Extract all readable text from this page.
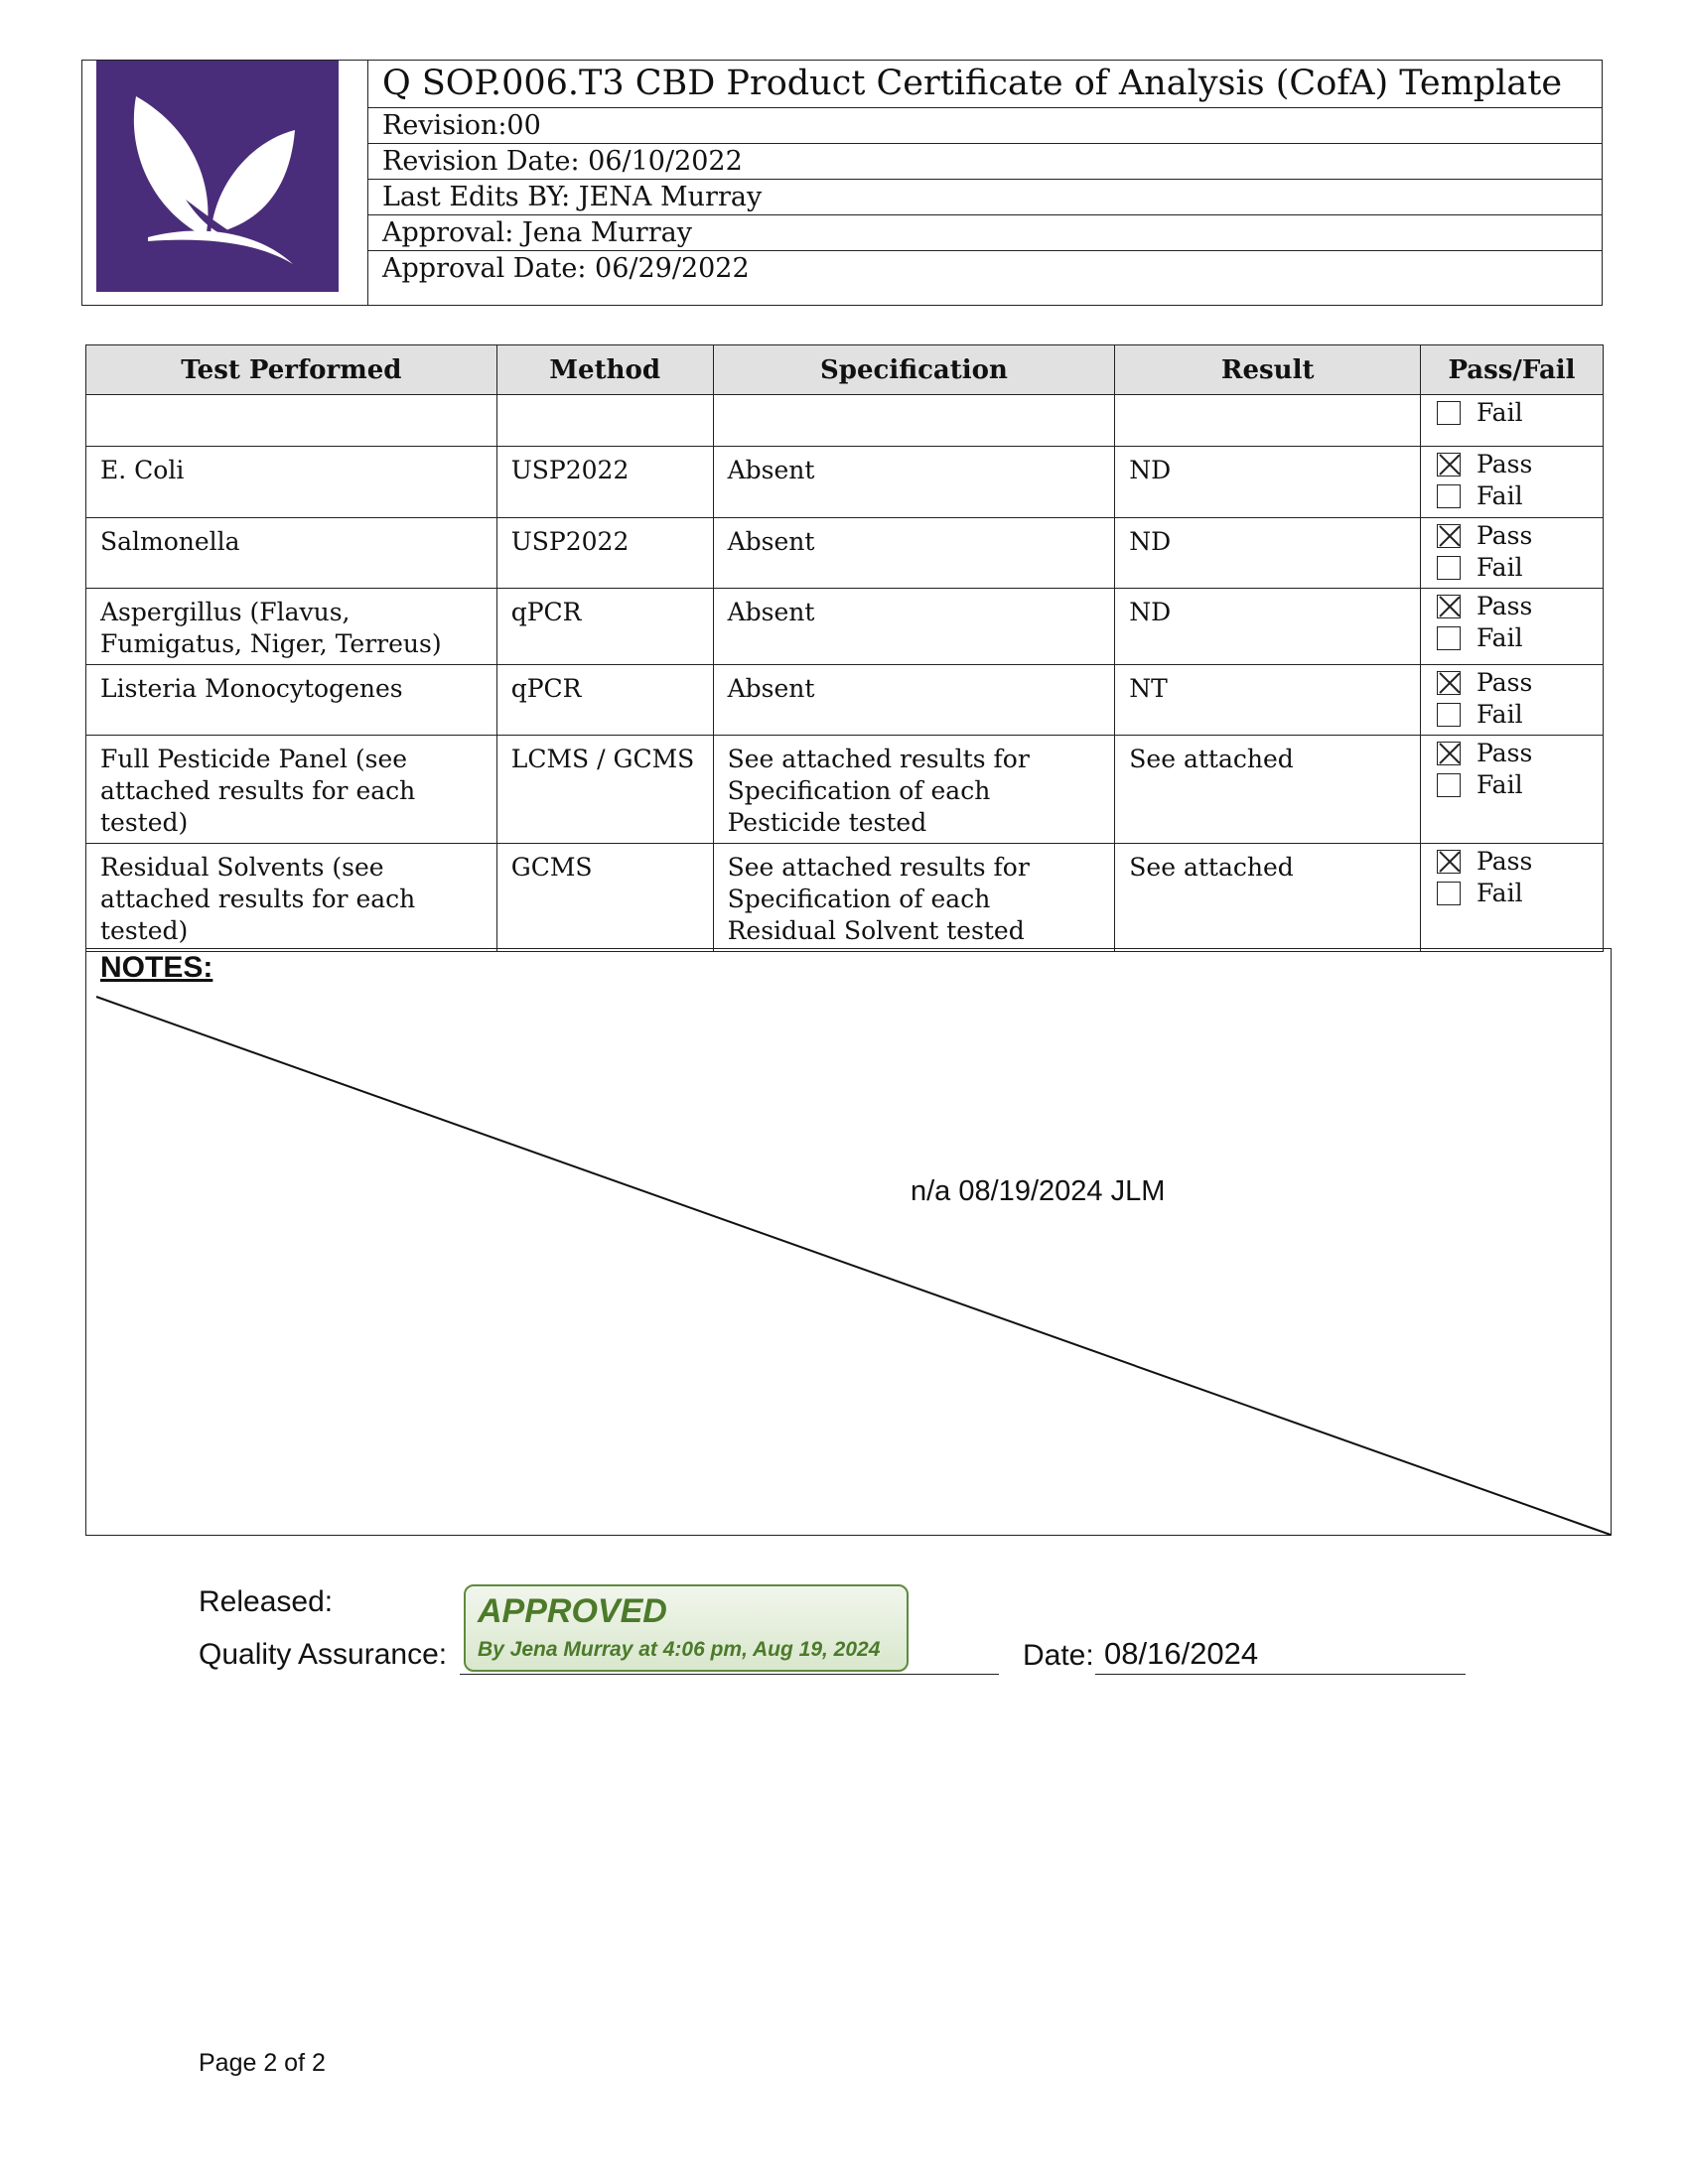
Q SOP.006.T3 CBD Product Certificate of Analysis (CofA) Template
Revision:00
Revision Date: 06/10/2022
Last Edits BY: JENA Murray
Approval: Jena Murray
Approval Date: 06/29/2022
Test Performed	Method	Specification	Result	Pass/Fail

				Fail

E. Coli	USP2022	Absent	ND	Pass
Fail

Salmonella	USP2022	Absent	ND	Pass
Fail

Aspergillus (Flavus, Fumigatus, Niger, Terreus)	qPCR	Absent	ND	Pass
Fail

Listeria Monocytogenes	qPCR	Absent	NT	Pass
Fail

Full Pesticide Panel (see attached results for each tested)	LCMS / GCMS	See attached results for Specification of each Pesticide tested	See attached	Pass
Fail

Residual Solvents (see attached results for each tested)	GCMS	See attached results for Specification of each Residual Solvent tested	See attached	Pass
Fail
NOTES:
n/a 08/19/2024 JLM
Released:
Quality Assurance:
APPROVED
By Jena Murray at 4:06 pm, Aug 19, 2024	Date: 08/16/2024
Page 2 of 2
